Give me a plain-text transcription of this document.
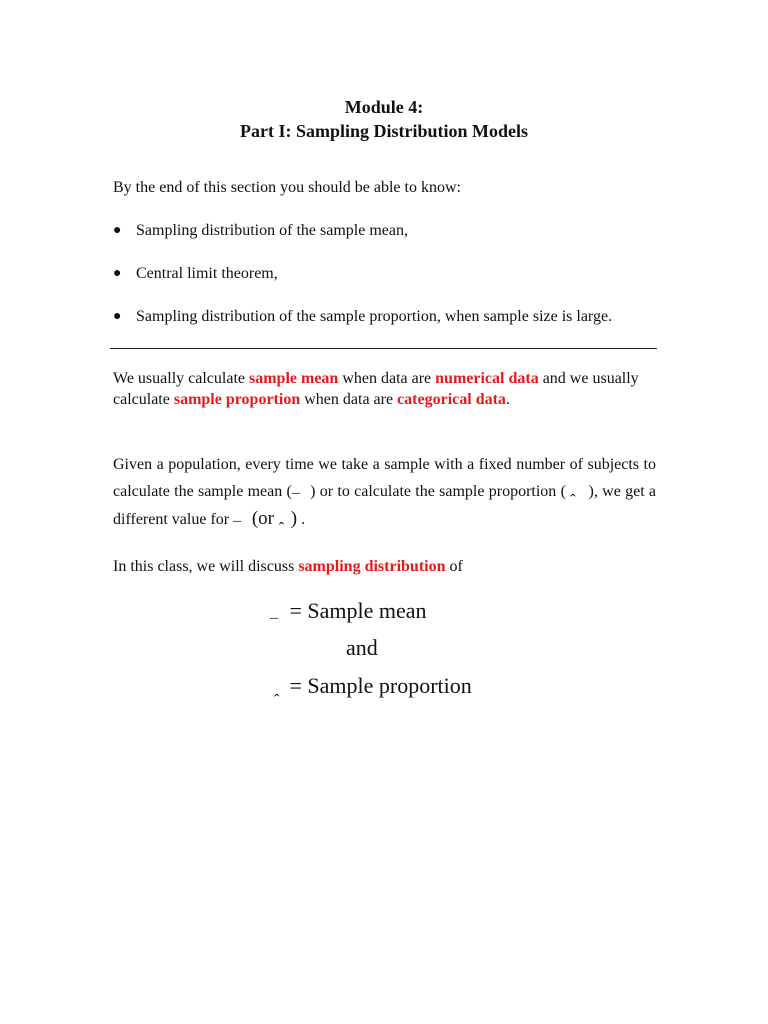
Module 4:
Part I: Sampling Distribution Models
By the end of this section you should be able to know:
● Sampling distribution of the sample mean,
● Central limit theorem,
● Sampling distribution of the sample proportion, when sample size is large.
We usually calculate sample mean when data are numerical data and we usually calculate sample proportion when data are categorical data.
Given a population, every time we take a sample with a fixed number of subjects to calculate the sample mean (
¯
) or to calculate the sample proportion (
ˆ
), we get a different value for
¯ (or ˆ ) .
In this class, we will discuss sampling distribution of
¯
= Sample mean
and
ˆ
= Sample proportion
